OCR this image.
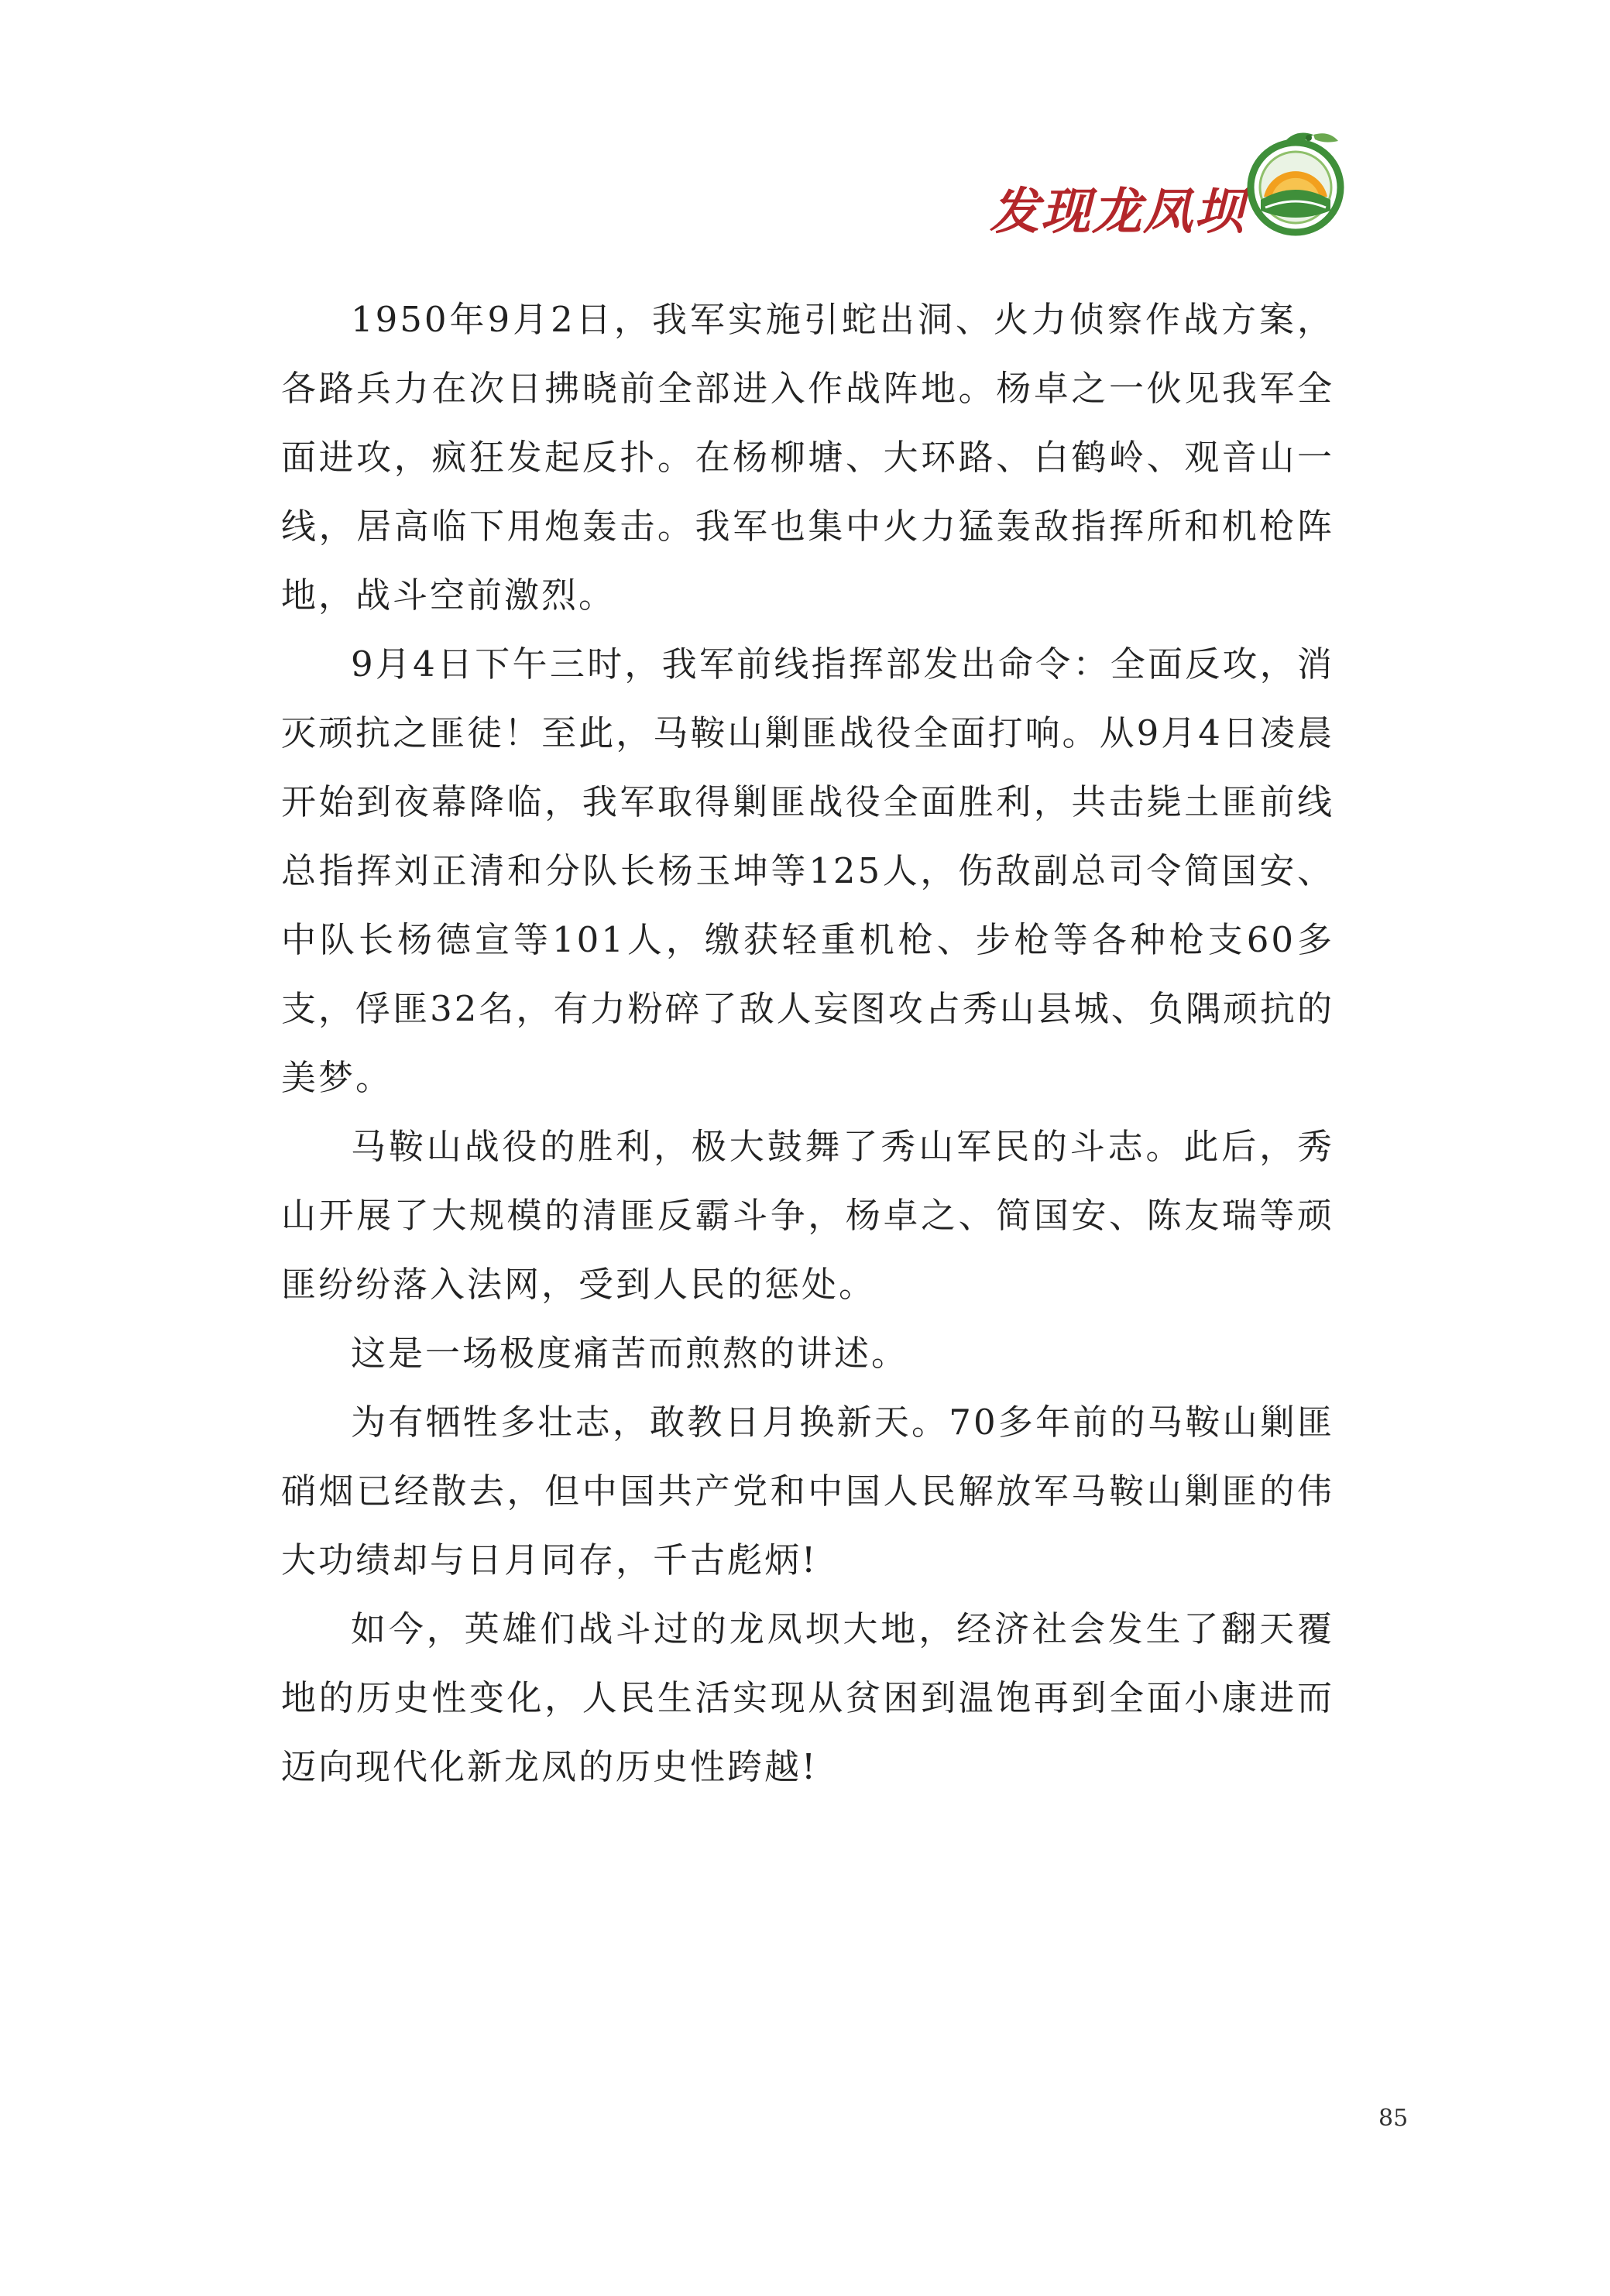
发现龙凤坝

1950年9月2日，我军实施引蛇出洞、火力侦察作战方案，各路兵力在次日拂晓前全部进入作战阵地。杨卓之一伙见我军全面进攻，疯狂发起反扑。在杨柳塘、大环路、白鹤岭、观音山一线，居高临下用炮轰击。我军也集中火力猛轰敌指挥所和机枪阵地，战斗空前激烈。

9月4日下午三时，我军前线指挥部发出命令：全面反攻，消灭顽抗之匪徒！至此，马鞍山剿匪战役全面打响。从9月4日凌晨开始到夜幕降临，我军取得剿匪战役全面胜利，共击毙土匪前线总指挥刘正清和分队长杨玉坤等125人，伤敌副总司令简国安、中队长杨德宣等101人，缴获轻重机枪、步枪等各种枪支60多支，俘匪32名，有力粉碎了敌人妄图攻占秀山县城、负隅顽抗的美梦。

马鞍山战役的胜利，极大鼓舞了秀山军民的斗志。此后，秀山开展了大规模的清匪反霸斗争，杨卓之、简国安、陈友瑞等顽匪纷纷落入法网，受到人民的惩处。

这是一场极度痛苦而煎熬的讲述。

为有牺牲多壮志，敢教日月换新天。70多年前的马鞍山剿匪硝烟已经散去，但中国共产党和中国人民解放军马鞍山剿匪的伟大功绩却与日月同存，千古彪炳!

如今，英雄们战斗过的龙凤坝大地，经济社会发生了翻天覆地的历史性变化，人民生活实现从贫困到温饱再到全面小康进而迈向现代化新龙凤的历史性跨越!

85
